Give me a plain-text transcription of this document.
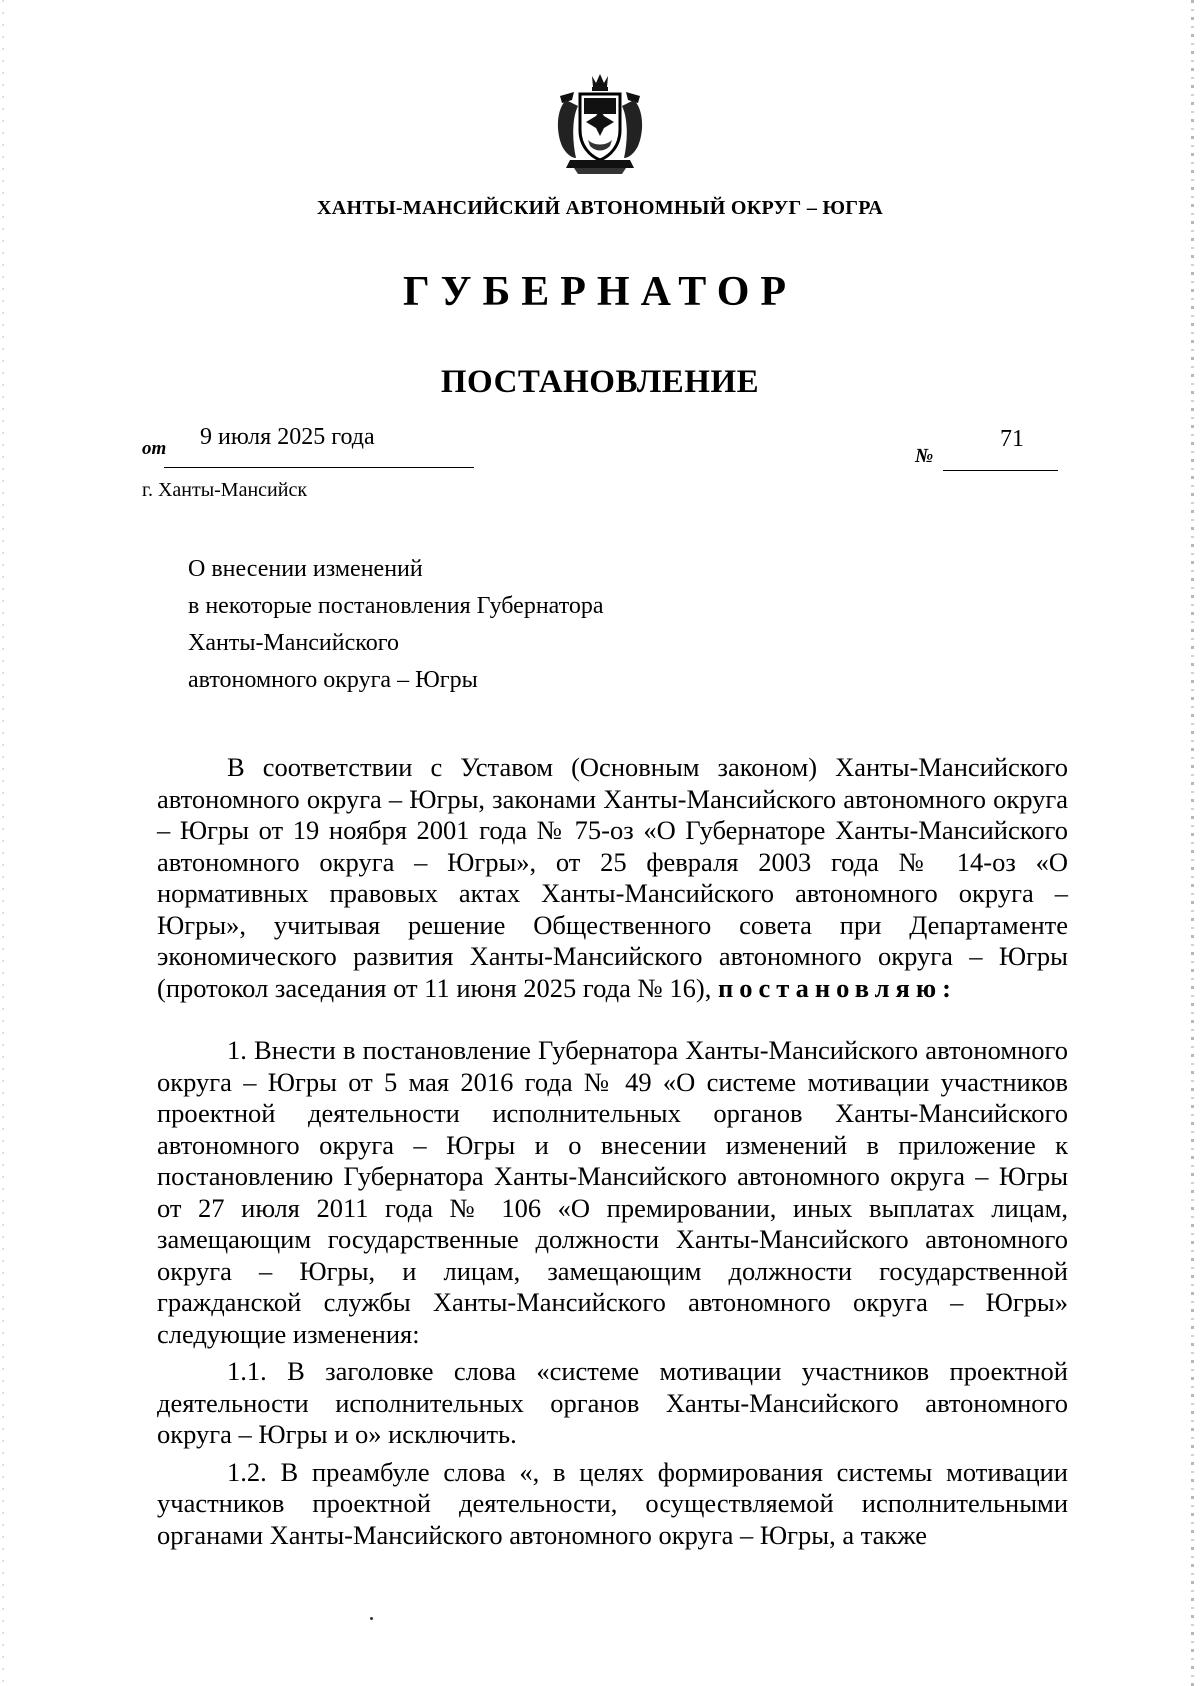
ХАНТЫ-МАНСИЙСКИЙ АВТОНОМНЫЙ ОКРУГ – ЮГРА
ГУБЕРНАТОР
ПОСТАНОВЛЕНИЕ
от 9 июля 2025 года
№
71
г. Ханты-Мансийск
О внесении изменений
в некоторые постановления Губернатора
Ханты-Мансийского
автономного округа – Югры

В соответствии с Уставом (Основным законом) Ханты-Мансийского автономного округа – Югры, законами Ханты-Мансийского автономного округа – Югры от 19 ноября 2001 года № 75-оз «О Губернаторе Ханты-Мансийского автономного округа – Югры», от 25 февраля 2003 года № 14-оз «О нормативных правовых актах Ханты-Мансийского автономного округа – Югры», учитывая решение Общественного совета при Департаменте экономического развития Ханты-Мансийского автономного округа – Югры (протокол заседания от 11 июня 2025 года № 16), постановляю:

1. Внести в постановление Губернатора Ханты-Мансийского автономного округа – Югры от 5 мая 2016 года № 49 «О системе мотивации участников проектной деятельности исполнительных органов Ханты-Мансийского автономного округа – Югры и о внесении изменений в приложение к постановлению Губернатора Ханты-Мансийского автономного округа – Югры от 27 июля 2011 года № 106 «О премировании, иных выплатах лицам, замещающим государственные должности Ханты-Мансийского автономного округа – Югры, и лицам, замещающим должности государственной гражданской службы Ханты-Мансийского автономного округа – Югры» следующие изменения:

1.1. В заголовке слова «системе мотивации участников проектной деятельности исполнительных органов Ханты-Мансийского автономного округа – Югры и о» исключить.

1.2. В преамбуле слова «, в целях формирования системы мотивации участников проектной деятельности, осуществляемой исполнительными органами Ханты-Мансийского автономного округа – Югры, а также
